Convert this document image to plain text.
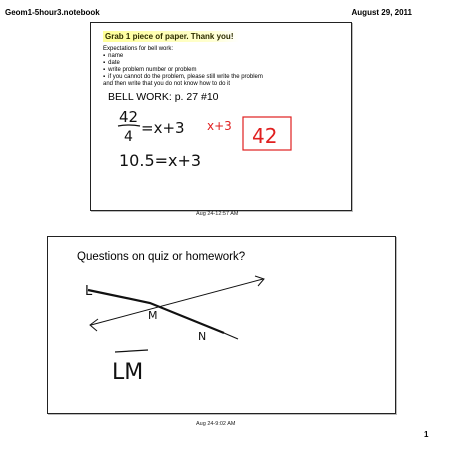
Geom1-5hour3.notebook	August 29, 2011
Grab 1 piece of paper. Thank you!
Expectations for bell work:
▪ name
▪ date
▪ write problem number or problem
▪ if you cannot do the problem, please still write the problem
and then write that you do not know how to do it
BELL WORK: p. 27 #10
42
4 =x+3 x+3 42
10.5=x+3
Aug 24-12:57 AM
Questions on quiz or homework?
L
M
N
LM
Aug 24-9:02 AM
1
